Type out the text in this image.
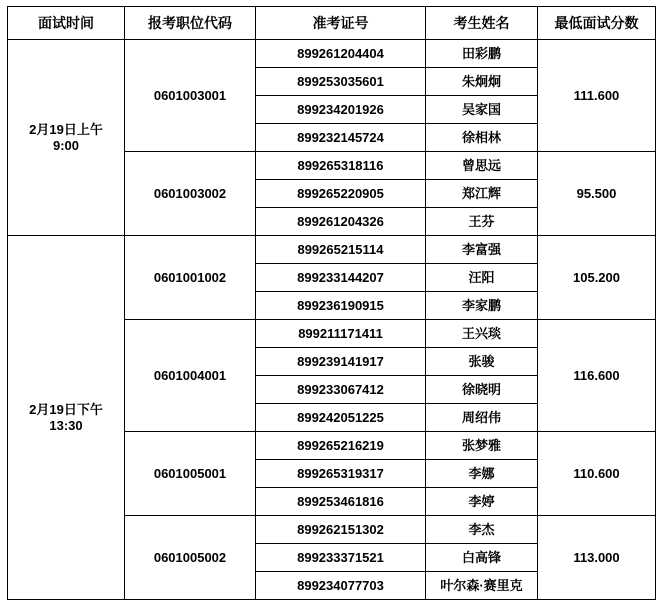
面试时间	报考职位代码	准考证号	考生姓名	最低面试分数

2月19日上午
9:00	0601003001	899261204404	田彩鹏	111.600
		899253035601	朱炯炯	
		899234201926	吴家国	
		899232145724	徐相林	
	0601003002	899265318116	曾思远	95.500
		899265220905	郑江辉	
		899261204326	王芬	

2月19日下午
13:30	0601001002	899265215114	李富强	105.200
		899233144207	汪阳	
		899236190915	李家鹏	
	0601004001	899211171411	王兴琰	116.600
		899239141917	张骏	
		899233067412	徐晓明	
		899242051225	周绍伟	
	0601005001	899265216219	张梦雅	110.600
		899265319317	李娜	
		899253461816	李婷	
	0601005002	899262151302	李杰	113.000
		899233371521	白高锋	
		899234077703	叶尔森·赛里克	
